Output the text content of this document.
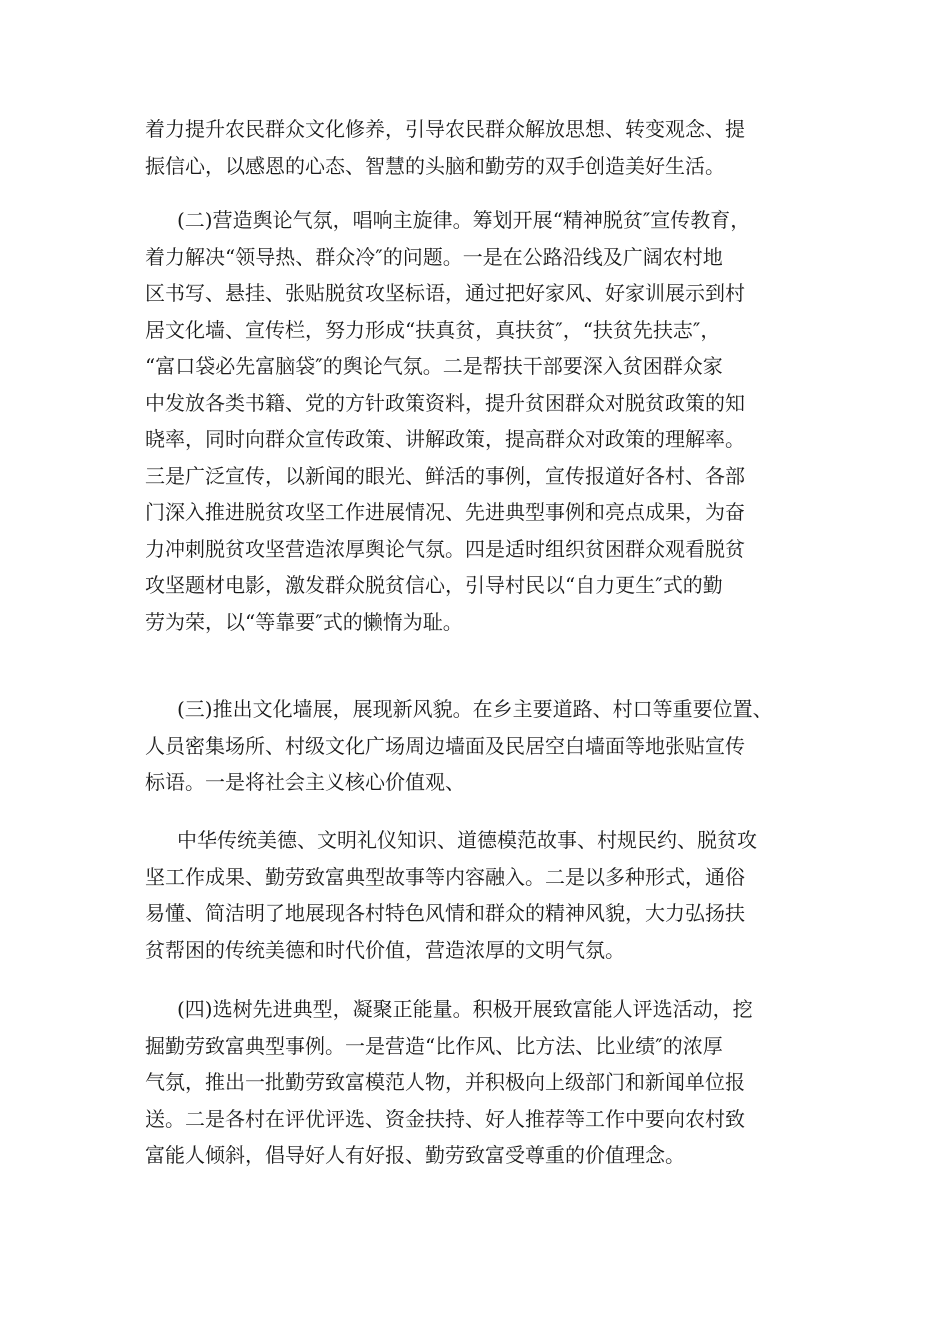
着力提升农民群众文化修养，引导农民群众解放思想、转变观念、提
振信心，以感恩的心态、智慧的头脑和勤劳的双手创造美好生活。
(二)营造舆论气氛，唱响主旋律。筹划开展“精神脱贫″宣传教育，
着力解决“领导热、群众冷″的问题。一是在公路沿线及广阔农村地
区书写、悬挂、张贴脱贫攻坚标语，通过把好家风、好家训展示到村
居文化墙、宣传栏，努力形成“扶真贫，真扶贫″，“扶贫先扶志″，
“富口袋必先富脑袋″的舆论气氛。二是帮扶干部要深入贫困群众家
中发放各类书籍、党的方针政策资料，提升贫困群众对脱贫政策的知
晓率，同时向群众宣传政策、讲解政策，提高群众对政策的理解率。
三是广泛宣传，以新闻的眼光、鲜活的事例，宣传报道好各村、各部
门深入推进脱贫攻坚工作进展情况、先进典型事例和亮点成果，为奋
力冲刺脱贫攻坚营造浓厚舆论气氛。四是适时组织贫困群众观看脱贫
攻坚题材电影，激发群众脱贫信心，引导村民以“自力更生″式的勤
劳为荣，以“等靠要″式的懒惰为耻。
(三)推出文化墙展，展现新风貌。在乡主要道路、村口等重要位置、
人员密集场所、村级文化广场周边墙面及民居空白墙面等地张贴宣传
标语。一是将社会主义核心价值观、
中华传统美德、文明礼仪知识、道德模范故事、村规民约、脱贫攻
坚工作成果、勤劳致富典型故事等内容融入。二是以多种形式，通俗
易懂、简洁明了地展现各村特色风情和群众的精神风貌，大力弘扬扶
贫帮困的传统美德和时代价值，营造浓厚的文明气氛。
(四)选树先进典型，凝聚正能量。积极开展致富能人评选活动，挖
掘勤劳致富典型事例。一是营造“比作风、比方法、比业绩″的浓厚
气氛，推出一批勤劳致富模范人物，并积极向上级部门和新闻单位报
送。二是各村在评优评选、资金扶持、好人推荐等工作中要向农村致
富能人倾斜，倡导好人有好报、勤劳致富受尊重的价值理念。
